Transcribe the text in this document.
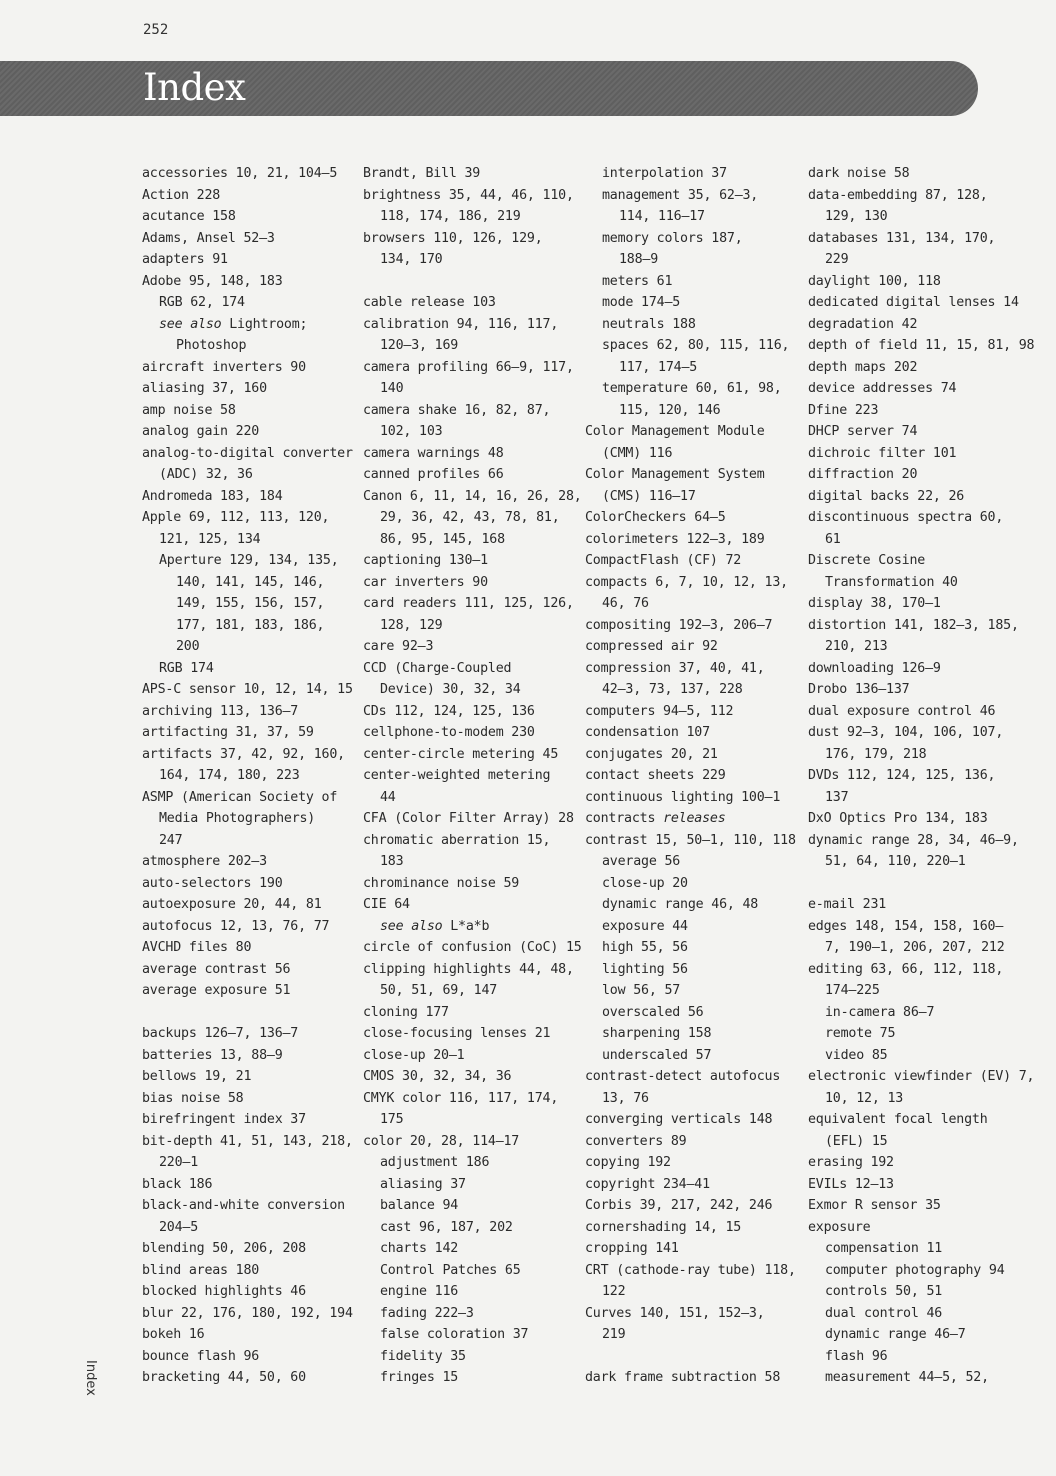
252
Index
Index
accessories 10, 21, 104–5
Action 228
acutance 158
Adams, Ansel 52–3
adapters 91
Adobe 95, 148, 183
RGB 62, 174
see also Lightroom;
Photoshop
aircraft inverters 90
aliasing 37, 160
amp noise 58
analog gain 220
analog-to-digital converter
(ADC) 32, 36
Andromeda 183, 184
Apple 69, 112, 113, 120,
121, 125, 134
Aperture 129, 134, 135,
140, 141, 145, 146,
149, 155, 156, 157,
177, 181, 183, 186,
200
RGB 174
APS-C sensor 10, 12, 14, 15
archiving 113, 136–7
artifacting 31, 37, 59
artifacts 37, 42, 92, 160,
164, 174, 180, 223
ASMP (American Society of
Media Photographers)
247
atmosphere 202–3
auto-selectors 190
autoexposure 20, 44, 81
autofocus 12, 13, 76, 77
AVCHD files 80
average contrast 56
average exposure 51
backups 126–7, 136–7
batteries 13, 88–9
bellows 19, 21
bias noise 58
birefringent index 37
bit-depth 41, 51, 143, 218,
220–1
black 186
black-and-white conversion
204–5
blending 50, 206, 208
blind areas 180
blocked highlights 46
blur 22, 176, 180, 192, 194
bokeh 16
bounce flash 96
bracketing 44, 50, 60
Brandt, Bill 39
brightness 35, 44, 46, 110,
118, 174, 186, 219
browsers 110, 126, 129,
134, 170
cable release 103
calibration 94, 116, 117,
120–3, 169
camera profiling 66–9, 117,
140
camera shake 16, 82, 87,
102, 103
camera warnings 48
canned profiles 66
Canon 6, 11, 14, 16, 26, 28,
29, 36, 42, 43, 78, 81,
86, 95, 145, 168
captioning 130–1
car inverters 90
card readers 111, 125, 126,
128, 129
care 92–3
CCD (Charge-Coupled
Device) 30, 32, 34
CDs 112, 124, 125, 136
cellphone-to-modem 230
center-circle metering 45
center-weighted metering
44
CFA (Color Filter Array) 28
chromatic aberration 15,
183
chrominance noise 59
CIE 64
see also L*a*b
circle of confusion (CoC) 15
clipping highlights 44, 48,
50, 51, 69, 147
cloning 177
close-focusing lenses 21
close-up 20–1
CMOS 30, 32, 34, 36
CMYK color 116, 117, 174,
175
color 20, 28, 114–17
adjustment 186
aliasing 37
balance 94
cast 96, 187, 202
charts 142
Control Patches 65
engine 116
fading 222–3
false coloration 37
fidelity 35
fringes 15
interpolation 37
management 35, 62–3,
114, 116–17
memory colors 187,
188–9
meters 61
mode 174–5
neutrals 188
spaces 62, 80, 115, 116,
117, 174–5
temperature 60, 61, 98,
115, 120, 146
Color Management Module
(CMM) 116
Color Management System
(CMS) 116–17
ColorCheckers 64–5
colorimeters 122–3, 189
CompactFlash (CF) 72
compacts 6, 7, 10, 12, 13,
46, 76
compositing 192–3, 206–7
compressed air 92
compression 37, 40, 41,
42–3, 73, 137, 228
computers 94–5, 112
condensation 107
conjugates 20, 21
contact sheets 229
continuous lighting 100–1
contracts releases
contrast 15, 50–1, 110, 118
average 56
close-up 20
dynamic range 46, 48
exposure 44
high 55, 56
lighting 56
low 56, 57
overscaled 56
sharpening 158
underscaled 57
contrast-detect autofocus
13, 76
converging verticals 148
converters 89
copying 192
copyright 234–41
Corbis 39, 217, 242, 246
cornershading 14, 15
cropping 141
CRT (cathode-ray tube) 118,
122
Curves 140, 151, 152–3,
219
dark frame subtraction 58
dark noise 58
data-embedding 87, 128,
129, 130
databases 131, 134, 170,
229
daylight 100, 118
dedicated digital lenses 14
degradation 42
depth of field 11, 15, 81, 98
depth maps 202
device addresses 74
Dfine 223
DHCP server 74
dichroic filter 101
diffraction 20
digital backs 22, 26
discontinuous spectra 60,
61
Discrete Cosine
Transformation 40
display 38, 170–1
distortion 141, 182–3, 185,
210, 213
downloading 126–9
Drobo 136–137
dual exposure control 46
dust 92–3, 104, 106, 107,
176, 179, 218
DVDs 112, 124, 125, 136,
137
DxO Optics Pro 134, 183
dynamic range 28, 34, 46–9,
51, 64, 110, 220–1
e-mail 231
edges 148, 154, 158, 160–
7, 190–1, 206, 207, 212
editing 63, 66, 112, 118,
174–225
in-camera 86–7
remote 75
video 85
electronic viewfinder (EV) 7,
10, 12, 13
equivalent focal length
(EFL) 15
erasing 192
EVILs 12–13
Exmor R sensor 35
exposure
compensation 11
computer photography 94
controls 50, 51
dual control 46
dynamic range 46–7
flash 96
measurement 44–5, 52,
